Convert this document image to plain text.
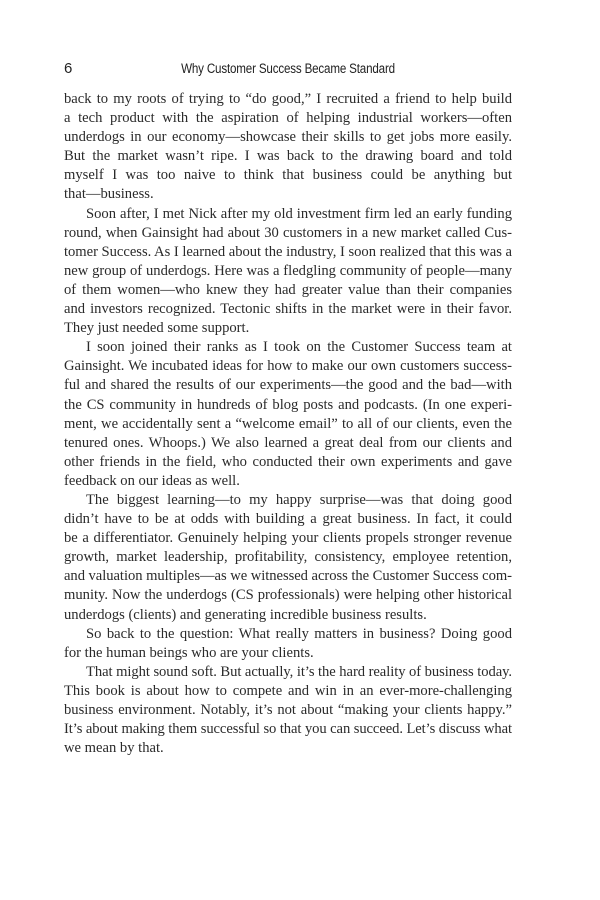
6	Why Customer Success Became Standard
back to my roots of trying to “do good,” I recruited a friend to help build
a tech product with the aspiration of helping industrial workers—often
underdogs in our economy—showcase their skills to get jobs more easily.
But the market wasn’t ripe. I was back to the drawing board and told
myself I was too naive to think that business could be anything but
that—business.
Soon after, I met Nick after my old investment firm led an early funding
round, when Gainsight had about 30 customers in a new market called Cus-
tomer Success. As I learned about the industry, I soon realized that this was a
new group of underdogs. Here was a fledgling community of people—many
of them women—who knew they had greater value than their companies
and investors recognized. Tectonic shifts in the market were in their favor.
They just needed some support.
I soon joined their ranks as I took on the Customer Success team at
Gainsight. We incubated ideas for how to make our own customers success-
ful and shared the results of our experiments—the good and the bad—with
the CS community in hundreds of blog posts and podcasts. (In one experi-
ment, we accidentally sent a “welcome email” to all of our clients, even the
tenured ones. Whoops.) We also learned a great deal from our clients and
other friends in the field, who conducted their own experiments and gave
feedback on our ideas as well.
The biggest learning—to my happy surprise—was that doing good
didn’t have to be at odds with building a great business. In fact, it could
be a differentiator. Genuinely helping your clients propels stronger revenue
growth, market leadership, profitability, consistency, employee retention,
and valuation multiples—as we witnessed across the Customer Success com-
munity. Now the underdogs (CS professionals) were helping other historical
underdogs (clients) and generating incredible business results.
So back to the question: What really matters in business? Doing good
for the human beings who are your clients.
That might sound soft. But actually, it’s the hard reality of business today.
This book is about how to compete and win in an ever-more-challenging
business environment. Notably, it’s not about “making your clients happy.”
It’s about making them successful so that you can succeed. Let’s discuss what
we mean by that.
